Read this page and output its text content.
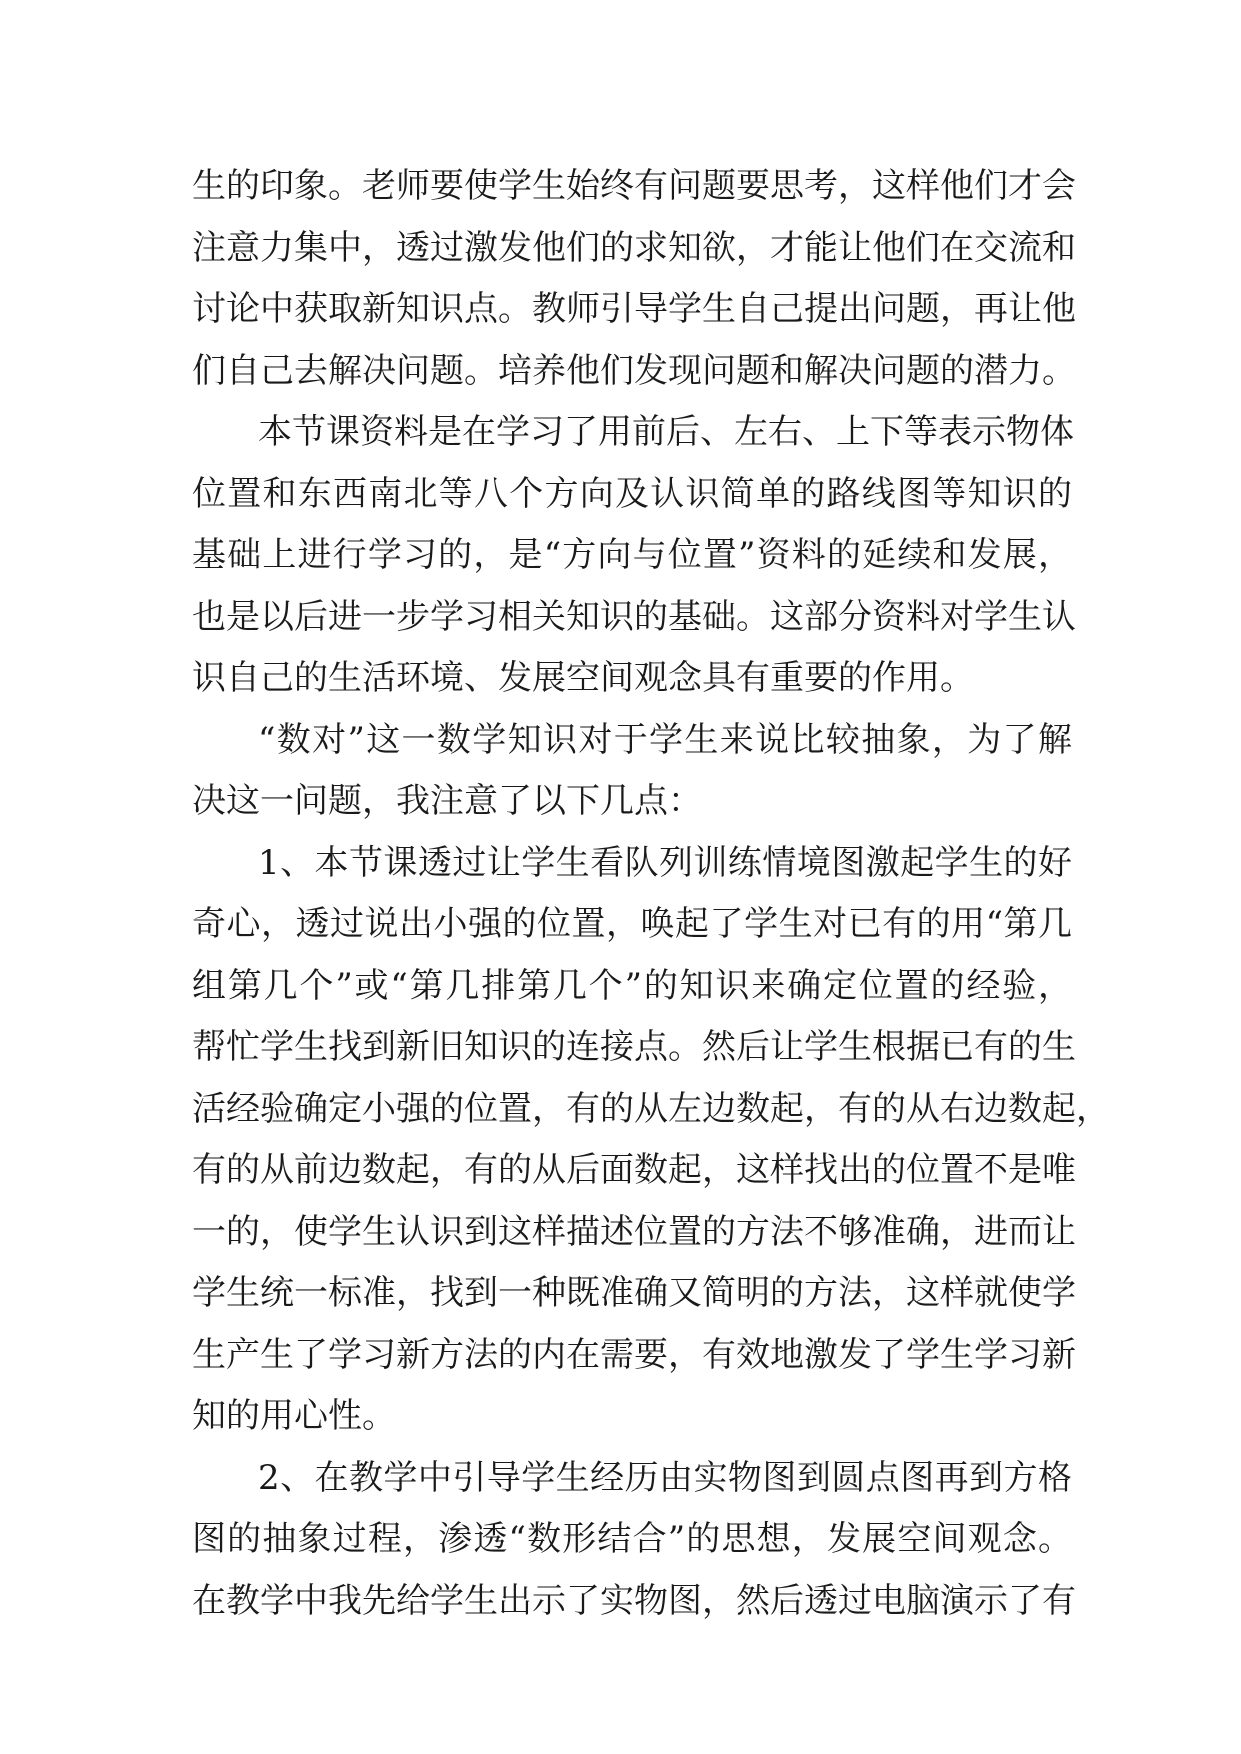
生的印象。老师要使学生始终有问题要思考，这样他们才会
注意力集中，透过激发他们的求知欲，才能让他们在交流和
讨论中获取新知识点。教师引导学生自己提出问题，再让他
们自己去解决问题。培养他们发现问题和解决问题的潜力。
本节课资料是在学习了用前后、左右、上下等表示物体
位置和东西南北等八个方向及认识简单的路线图等知识的
基础上进行学习的，是“方向与位置”资料的延续和发展，
也是以后进一步学习相关知识的基础。这部分资料对学生认
识自己的生活环境、发展空间观念具有重要的作用。
“数对”这一数学知识对于学生来说比较抽象，为了解
决这一问题，我注意了以下几点：
1、本节课透过让学生看队列训练情境图激起学生的好
奇心，透过说出小强的位置，唤起了学生对已有的用“第几
组第几个”或“第几排第几个”的知识来确定位置的经验，
帮忙学生找到新旧知识的连接点。然后让学生根据已有的生
活经验确定小强的位置，有的从左边数起，有的从右边数起，
有的从前边数起，有的从后面数起，这样找出的位置不是唯
一的，使学生认识到这样描述位置的方法不够准确，进而让
学生统一标准，找到一种既准确又简明的方法，这样就使学
生产生了学习新方法的内在需要，有效地激发了学生学习新
知的用心性。
2、在教学中引导学生经历由实物图到圆点图再到方格
图的抽象过程，渗透“数形结合”的思想，发展空间观念。
在教学中我先给学生出示了实物图，然后透过电脑演示了有
